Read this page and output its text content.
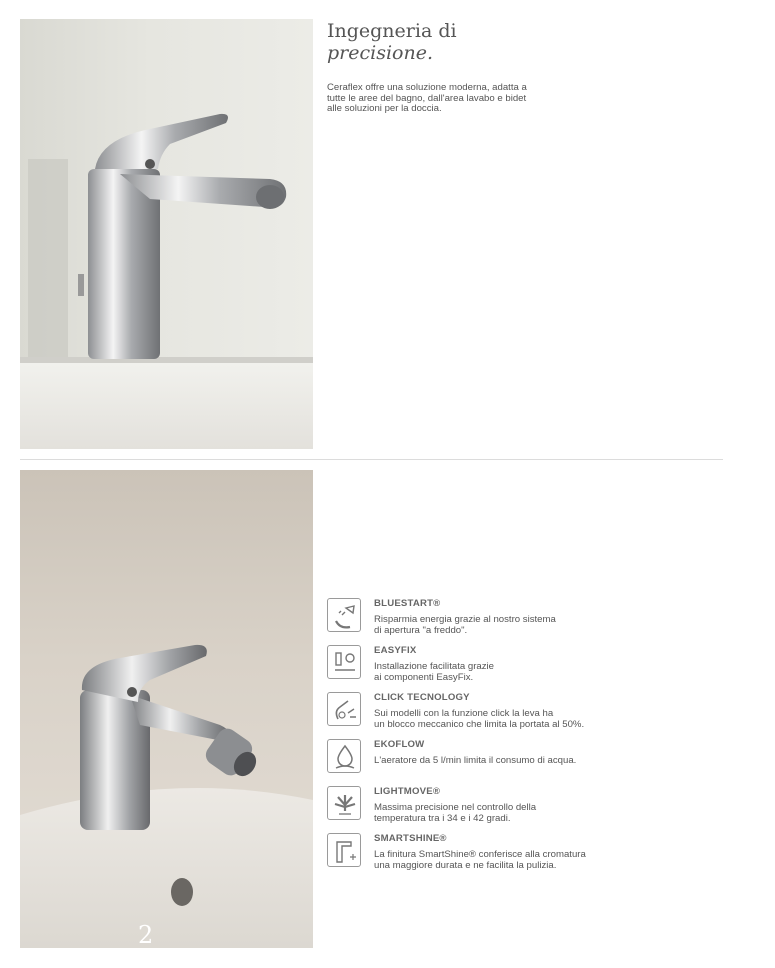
2
Ingegneria di
precisione.
Ceraflex offre una soluzione moderna, adatta a tutte le aree del bagno, dall'area lavabo e bidet alle soluzioni per la doccia.
BLUESTART®
Risparmia energia grazie al nostro sistema
di apertura "a freddo".
EASYFIX
Installazione facilitata grazie
ai componenti EasyFix.
CLICK TECNOLOGY
Sui modelli con la funzione click la leva ha
un blocco meccanico che limita la portata al 50%.
EKOFLOW
L'aeratore da 5 l/min limita il consumo di acqua.
LIGHTMOVE®
Massima precisione nel controllo della
temperatura tra i 34 e i 42 gradi.
SMARTSHINE®
La finitura SmartShine® conferisce alla cromatura
una maggiore durata e ne facilita la pulizia.
